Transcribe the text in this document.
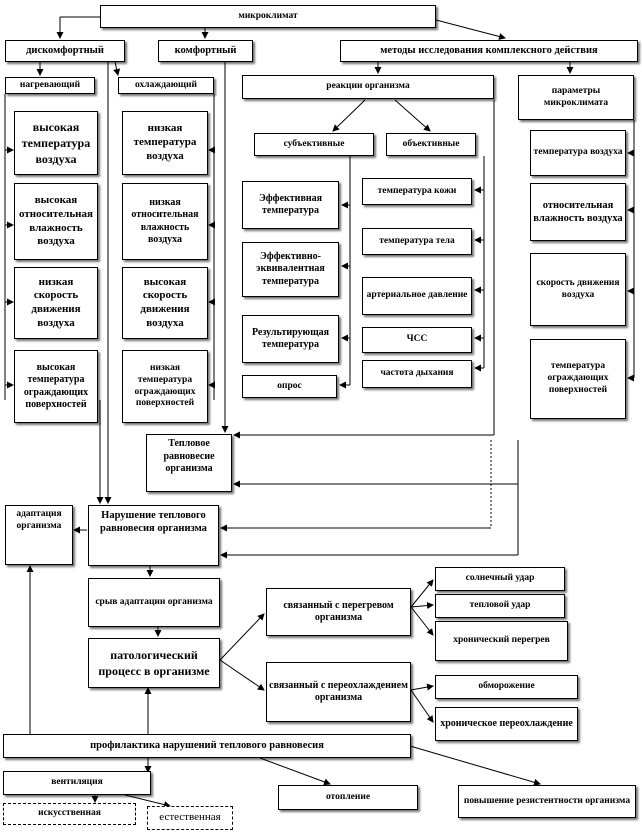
микроклимат
дискомфортный	комфортный	методы исследования комплексного действия
нагревающий	охлаждающий
высокая температура воздуха
высокая относительная влажность воздуха
низкая скорость движения воздуха
высокая температура ограждающих поверхностей
низкая температура воздуха
низкая относительная влажность воздуха
высокая скорость движения воздуха
низкая температура ограждающих поверхностей
реакции организма
субъективные	объективные
Эффективная температура
Эффективно-эквивалентная температура
Результирующая температура
опрос
температура кожи
температура тела
артериальное давление
ЧСС
частота дыхания
параметры микроклимата
температура воздуха
относительная влажность воздуха
скорость движения воздуха
температура ограждающих поверхностей
Тепловое равновесие организма
адаптация организма
Нарушение теплового равновесия организма
срыв адаптации организма
патологический процесс в организме
связанный с перегревом организма
связанный с переохлаждением организма
солнечный удар
тепловой удар
хронический перегрев
обморожение
хроническое переохлаждение
профилактика нарушений теплового равновесия
вентиляция
искусственная	естественная
отопление	повышение резистентности организма
